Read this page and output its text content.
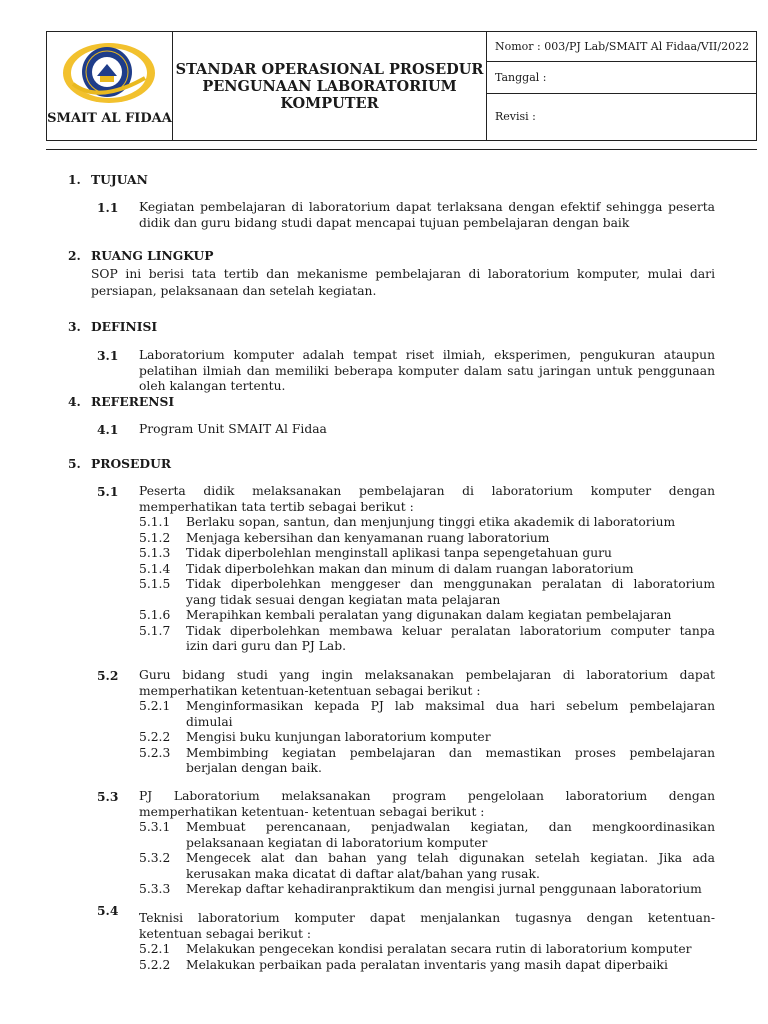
SMAIT AL FIDAA
STANDAR OPERASIONAL PROSEDUR
PENGUNAAN LABORATORIUM
KOMPUTER
Nomor : 003/PJ Lab/SMAIT Al Fidaa/VII/2022
Tanggal :
Revisi :
1. TUJUAN
1.1 Kegiatan pembelajaran di laboratorium dapat terlaksana dengan efektif sehingga peserta
didik dan guru bidang studi dapat mencapai tujuan pembelajaran dengan baik
2. RUANG LINGKUP
SOP ini berisi tata tertib dan mekanisme pembelajaran di laboratorium komputer, mulai dari
persiapan, pelaksanaan dan setelah kegiatan.
3. DEFINISI
3.1 Laboratorium komputer adalah tempat riset ilmiah, eksperimen, pengukuran ataupun
pelatihan ilmiah dan memiliki beberapa komputer dalam satu jaringan untuk penggunaan
oleh kalangan tertentu.
4. REFERENSI
4.1 Program Unit SMAIT Al Fidaa
5. PROSEDUR
5.1 Peserta didik melaksanakan pembelajaran di laboratorium komputer dengan
memperhatikan tata tertib sebagai berikut :
5.1.1	Berlaku sopan, santun, dan menjunjung tinggi etika akademik di laboratorium
5.1.2	Menjaga kebersihan dan kenyamanan ruang laboratorium
5.1.3	Tidak diperbolehlan menginstall aplikasi tanpa sepengetahuan guru
5.1.4	Tidak diperbolehkan makan dan minum di dalam ruangan laboratorium
5.1.5	Tidak diperbolehkan menggeser dan menggunakan peralatan di laboratorium
yang tidak sesuai dengan kegiatan mata pelajaran
5.1.6	Merapihkan kembali peralatan yang digunakan dalam kegiatan pembelajaran
5.1.7	Tidak diperbolehkan membawa keluar peralatan laboratorium computer tanpa
izin dari guru dan PJ Lab.
5.2 Guru bidang studi yang ingin melaksanakan pembelajaran di laboratorium dapat
memperhatikan ketentuan-ketentuan sebagai berikut :
5.2.1	Menginformasikan kepada PJ lab maksimal dua hari sebelum pembelajaran
dimulai
5.2.2	Mengisi buku kunjungan laboratorium komputer
5.2.3	Membimbing kegiatan pembelajaran dan memastikan proses pembelajaran
berjalan dengan baik.
5.3 PJ Laboratorium melaksanakan program pengelolaan laboratorium dengan
memperhatikan ketentuan- ketentuan sebagai berikut :
5.3.1	Membuat perencanaan, penjadwalan kegiatan, dan mengkoordinasikan
pelaksanaan kegiatan di laboratorium komputer
5.3.2	Mengecek alat dan bahan yang telah digunakan setelah kegiatan. Jika ada
kerusakan maka dicatat di daftar alat/bahan yang rusak.
5.3.3	Merekap daftar kehadiranpraktikum dan mengisi jurnal penggunaan laboratorium
5.4 Teknisi laboratorium komputer dapat menjalankan tugasnya dengan ketentuan-
ketentuan sebagai berikut :
5.2.1	Melakukan pengecekan kondisi peralatan secara rutin di laboratorium komputer
5.2.2	Melakukan perbaikan pada peralatan inventaris yang masih dapat diperbaiki
